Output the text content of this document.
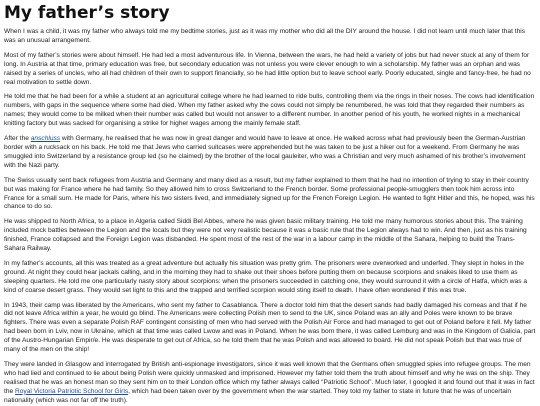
My father’s story

When I was a child, it was my father who always told me my bedtime stories, just as it was my mother who did all the DIY around the house. I did not learn until much later that this was an unusual arrangement.

Most of my father’s stories were about himself. He had led a most adventurous life. In Vienna, between the wars, he had held a variety of jobs but had never stuck at any of them for long. In Austria at that time, primary education was free, but secondary education was not unless you were clever enough to win a scholarship. My father was an orphan and was raised by a series of uncles, who all had children of their own to support financially, so he had little option but to leave school early. Poorly educated, single and fancy-free, he had no real motivation to settle down.

He told me that he had been for a while a student at an agricultural college where he had learned to ride bulls, controlling them via the rings in their noses. The cows had identification numbers, with gaps in the sequence where some had died. When my father asked why the cows could not simply be renumbered, he was told that they regarded their numbers as names; they would come to be milked when their number was called but would not answer to a different number. In another period of his youth, he worked nights in a mechanical knitting factory but was sacked for organising a strike for higher wages among the mainly female staff.

After the anschluss with Germany, he realised that he was now in great danger and would have to leave at once. He walked across what had previously been the German-Austrian border with a rucksack on his back. He told me that Jews who carried suitcases were apprehended but he was taken to be just a hiker out for a weekend. From Germany he was smuggled into Switzerland by a resistance group led (so he claimed) by the brother of the local gauleiter, who was a Christian and very much ashamed of his brother’s involvement with the Nazi party.

The Swiss usually sent back refugees from Austria and Germany and many died as a result, but my father explained to them that he had no intention of trying to stay in their country but was making for France where he had family. So they allowed him to cross Switzerland to the French border. Some professional people-smugglers then took him across into France for a small sum. He made for Paris, where his two sisters lived, and immediately signed up for the French Foreign Legion. He wanted to fight Hitler and this, he hoped, was his chance to do so.

He was shipped to North Africa, to a place in Algeria called Siddi Bel Abbes, where he was given basic military training. He told me many humorous stories about this. The training included mock battles between the Legion and the locals but they were not very realistic because it was a basic rule that the Legion always had to win. And then, just as his training finished, France collapsed and the Foreign Legion was disbanded. He spent most of the rest of the war in a labour camp in the middle of the Sahara, helping to build the Trans-Sahara Railway.

In my father’s accounts, all this was treated as a great adventure but actually his situation was pretty grim. The prisoners were overworked and underfed. They slept in holes in the ground. At night they could hear jackals calling, and in the morning they had to shake out their shoes before putting them on because scorpions and snakes liked to use them as sleeping quarters. He told me one particularly nasty story about scorpions: when the prisoners succeeded in catching one, they would surround it with a circle of Hatfa, which was a kind of coarse desert grass. They would set light to this and the trapped and terrified scorpion would sting itself to death. I have often wondered if this was true.

In 1943, their camp was liberated by the Americans, who sent my father to Casablanca. There a doctor told him that the desert sands had badly damaged his corneas and that if he did not leave Africa within a year, he would go blind. The Americans were collecting Polish men to send to the UK, since Poland was an ally and Poles were known to be brave fighters. There was even a separate Polish RAF contingent consisting of men who had served with the Polish Air Force and had managed to get out of Poland before it fell. My father had been born in Lviv, now in Ukraine, which at that time was called Lwow and was in Poland. When he was born there, it was called Lemburg and was in the Kingdom of Galicia, part of the Austro-Hungarian Empir/e. He was desperate to get out of Africa, so he told them that he was Polish and was allowed to board. He did not speak Polish but that was true of many of the men on the ship!

They were landed in Glasgow and interrogated by British anti-espionage investigators, since it was well known that the Germans often smuggled spies into refugee groups. The men who had lied and continued to lie about being Polish were quickly unmasked and imprisoned. However my father told them the truth about himself and why he was on the ship. They realised that he was an honest man so they sent him on to their London office which my father always called “Patriotic School”. Much later, I googled it and found out that it was in fact the Royal Victoria Patriotic School for Girls, which had been taken over by the government when the war started. They told my father to state in future that he was of uncertain nationality (which was not far off the truth).
